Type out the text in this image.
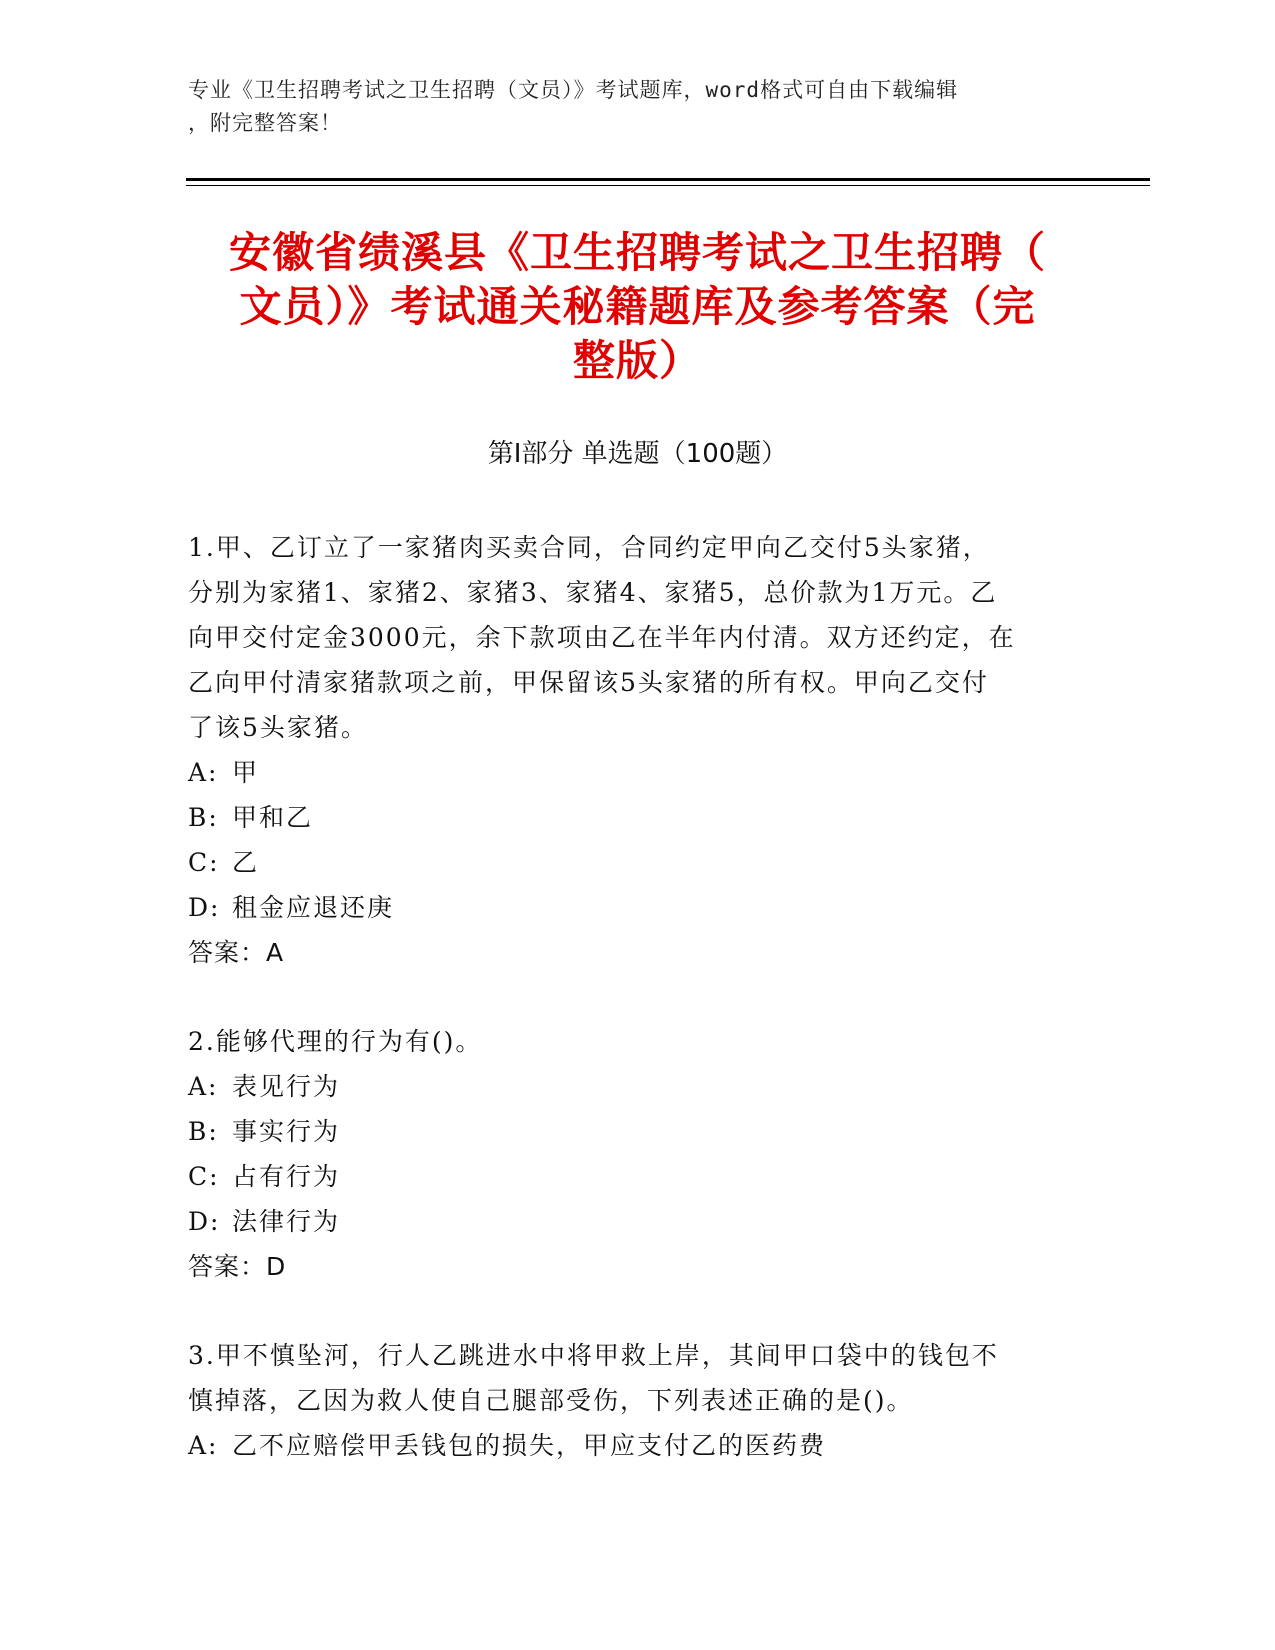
专业《卫生招聘考试之卫生招聘（文员）》考试题库，word格式可自由下载编辑
，附完整答案！
安徽省绩溪县《卫生招聘考试之卫生招聘（
文员）》考试通关秘籍题库及参考答案（完
整版）
第Ⅰ部分 单选题（100题）
1.甲、乙订立了一家猪肉买卖合同，合同约定甲向乙交付5头家猪，
分别为家猪1、家猪2、家猪3、家猪4、家猪5，总价款为1万元。乙
向甲交付定金3000元，余下款项由乙在半年内付清。双方还约定，在
乙向甲付清家猪款项之前，甲保留该5头家猪的所有权。甲向乙交付
了该5头家猪。
A: 甲
B: 甲和乙
C: 乙
D: 租金应退还庚
答案：A
2.能够代理的行为有()。
A: 表见行为
B: 事实行为
C: 占有行为
D: 法律行为
答案：D
3.甲不慎坠河，行人乙跳进水中将甲救上岸，其间甲口袋中的钱包不
慎掉落，乙因为救人使自己腿部受伤，下列表述正确的是()。
A: 乙不应赔偿甲丢钱包的损失，甲应支付乙的医药费
